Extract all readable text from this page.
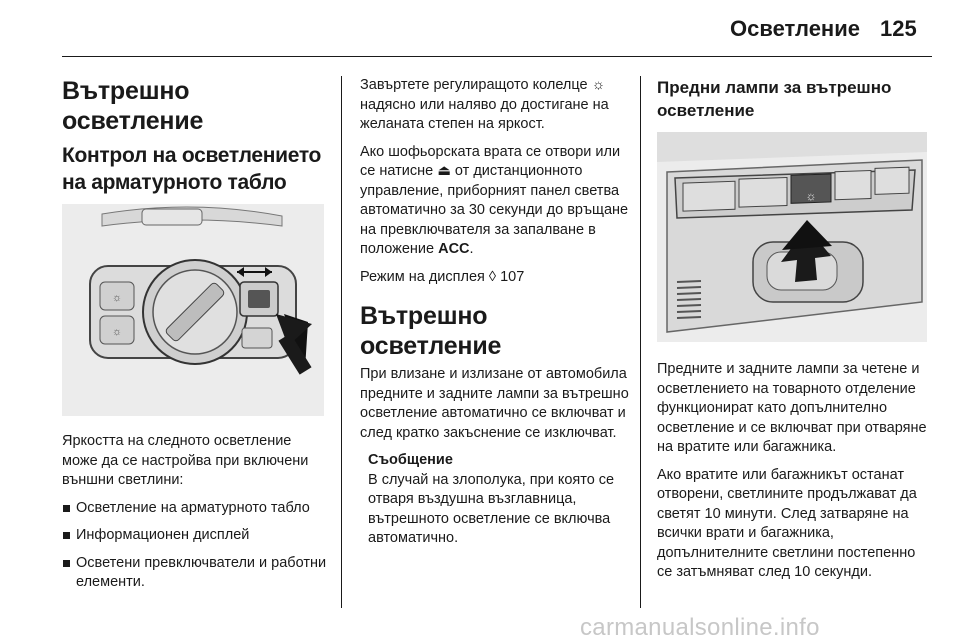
Осветление 125
Вътрешно осветление
Контрол на осветлението на арматурното табло
☼
☼
Яркостта на следното осветление може да се настройва при включени външни светлини:
Осветление на арматурното табло
Информационен дисплей
Осветени превключватели и работни елементи.
Завъртете регулиращото колелце ☼ надясно или наляво до достигане на желаната степен на яркост.
Ако шофьорската врата се отвори или се натисне ⏏ от дистанционното управление, приборният панел светва автоматично за 30 секунди до връщане на превключвателя за запалване в положение ACC.
Режим на дисплея ◊ 107
Вътрешно осветление
При влизане и излизане от автомобила предните и задните лампи за вътрешно осветление автоматично се включват и след кратко закъснение се изключват.
Съобщение
В случай на злополука, при която се отваря въздушна възглавница, вътрешното осветление се включва автоматично.
Предни лампи за вътрешно осветление
☼
Предните и задните лампи за четене и осветлението на товарното отделение функционират като допълнително осветление и се включват при отваряне на вратите или багажника.
Ако вратите или багажникът останат отворени, светлините продължават да светят 10 минути. След затваряне на всички врати и багажника, допълнителните светлини постепенно се затъмняват след 10 секунди.
carmanualsonline.info
